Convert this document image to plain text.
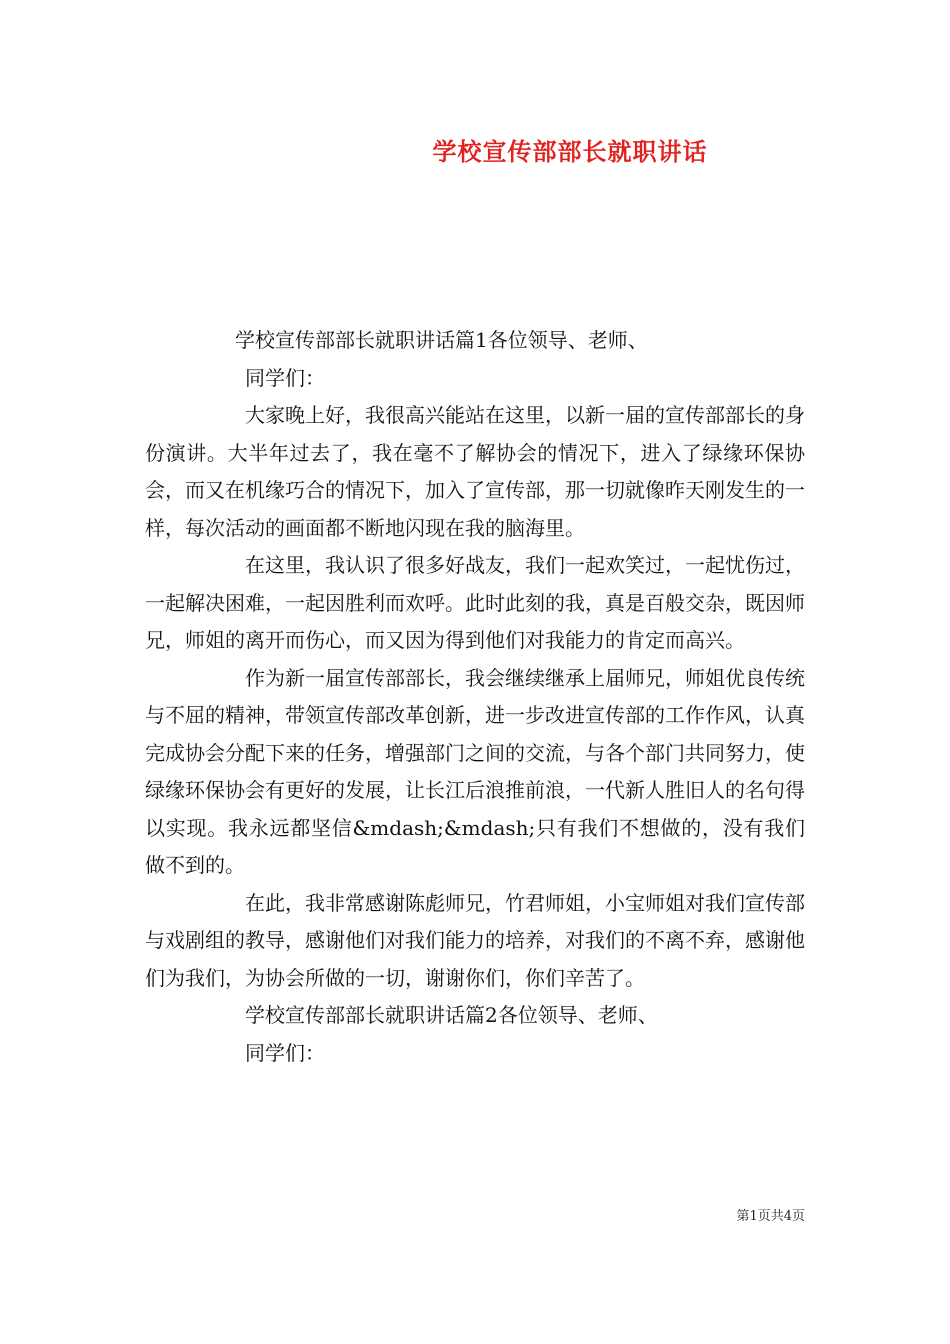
学校宣传部部长就职讲话
学校宣传部部长就职讲话篇1各位领导、老师、
同学们：

大家晚上好，我很高兴能站在这里，以新一届的宣传部部长的身份演讲。大半年过去了，我在毫不了解协会的情况下，进入了绿缘环保协会，而又在机缘巧合的情况下，加入了宣传部，那一切就像昨天刚发生的一样，每次活动的画面都不断地闪现在我的脑海里。

在这里，我认识了很多好战友，我们一起欢笑过，一起忧伤过，一起解决困难，一起因胜利而欢呼。此时此刻的我，真是百般交杂，既因师兄，师姐的离开而伤心，而又因为得到他们对我能力的肯定而高兴。

作为新一届宣传部部长，我会继续继承上届师兄，师姐优良传统与不屈的精神，带领宣传部改革创新，进一步改进宣传部的工作作风，认真完成协会分配下来的任务，增强部门之间的交流，与各个部门共同努力，使绿缘环保协会有更好的发展，让长江后浪推前浪，一代新人胜旧人的名句得以实现。我永远都坚信&mdash;&mdash;只有我们不想做的，没有我们做不到的。

在此，我非常感谢陈彪师兄，竹君师姐，小宝师姐对我们宣传部与戏剧组的教导，感谢他们对我们能力的培养，对我们的不离不弃，感谢他们为我们，为协会所做的一切，谢谢你们，你们辛苦了。

学校宣传部部长就职讲话篇2各位领导、老师、
同学们：
第1页共4页
